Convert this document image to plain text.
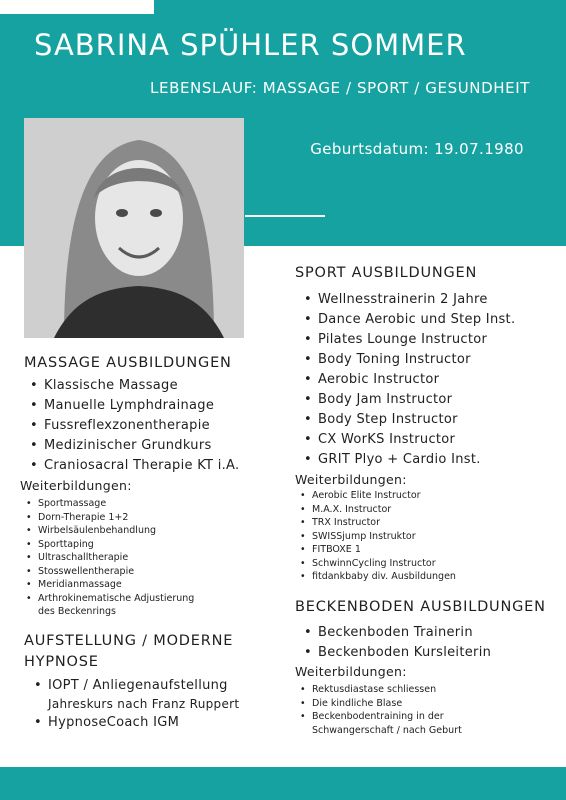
SABRINA SPÜHLER SOMMER
LEBENSLAUF: MASSAGE / SPORT / GESUNDHEIT
Geburtsdatum: 19.07.1980
MASSAGE AUSBILDUNGEN
• Klassische Massage
• Manuelle Lymphdrainage
• Fussreflexzonentherapie
• Medizinischer Grundkurs
• Craniosacral Therapie KT i.A.
Weiterbildungen:
• Sportmassage
• Dorn-Therapie 1+2
• Wirbelsäulenbehandlung
• Sporttaping
• Ultraschalltherapie
• Stosswellentherapie
• Meridianmassage
• Arthrokinematische Adjustierung
des Beckenrings
AUFSTELLUNG / MODERNE
HYPNOSE
• IOPT / Anliegenaufstellung
Jahreskurs nach Franz Ruppert
• HypnoseCoach IGM
SPORT AUSBILDUNGEN
• Wellnesstrainerin 2 Jahre
• Dance Aerobic und Step Inst.
• Pilates Lounge Instructor
• Body Toning Instructor
• Aerobic Instructor
• Body Jam Instructor
• Body Step Instructor
• CX WorKS Instructor
• GRIT Plyo + Cardio Inst.
Weiterbildungen:
• Aerobic Elite Instructor
• M.A.X. Instructor
• TRX Instructor
• SWISSjump Instruktor
• FITBOXE 1
• SchwinnCycling Instructor
• fitdankbaby div. Ausbildungen
BECKENBODEN AUSBILDUNGEN
• Beckenboden Trainerin
• Beckenboden Kursleiterin
Weiterbildungen:
• Rektusdiastase schliessen
• Die kindliche Blase
• Beckenbodentraining in der
Schwangerschaft / nach Geburt
